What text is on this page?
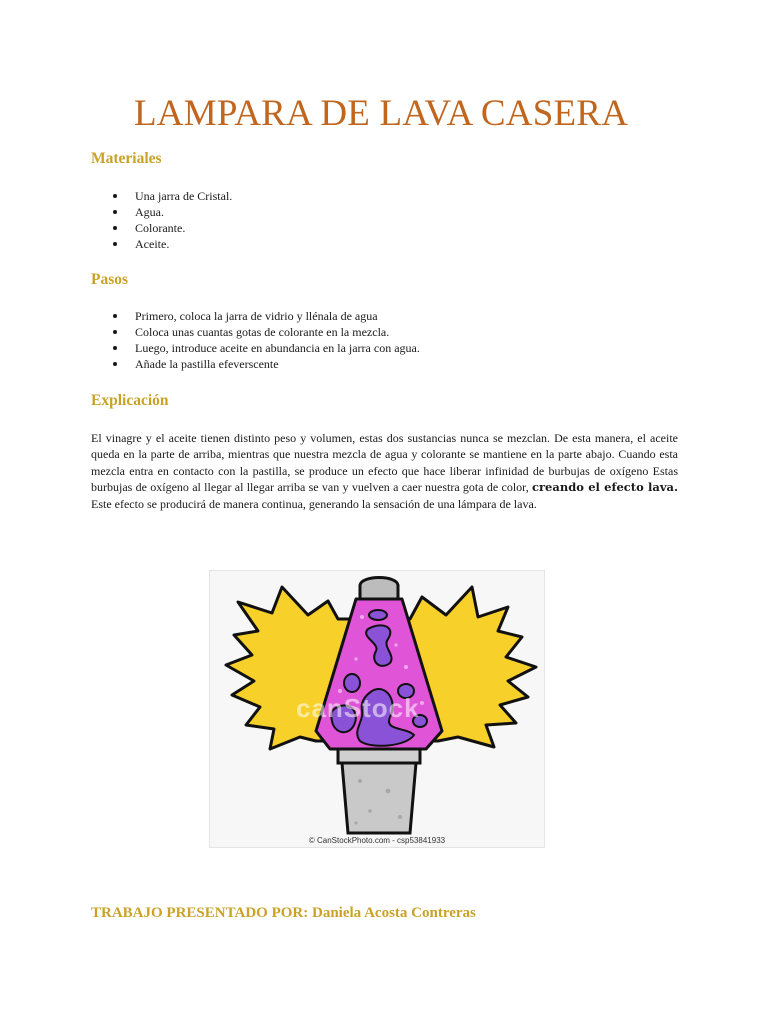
LAMPARA DE LAVA CASERA
Materiales
Una jarra de Cristal.
Agua.
Colorante.
Aceite.
Pasos
Primero, coloca la jarra de vidrio y llénala de agua
Coloca unas cuantas gotas de colorante en la mezcla.
Luego, introduce aceite en abundancia en la jarra con agua.
Añade la pastilla efeverscente
Explicación

El vinagre y el aceite tienen distinto peso y volumen, estas dos sustancias nunca se mezclan. De esta manera, el aceite queda en la parte de arriba, mientras que nuestra mezcla de agua y colorante se mantiene en la parte abajo. Cuando esta mezcla entra en contacto con la pastilla, se produce un efecto que hace liberar infinidad de burbujas de oxígeno Estas burbujas de oxígeno al llegar al llegar arriba se van y vuelven a caer nuestra gota de color, creando el efecto lava. Este efecto se producirá de manera continua, generando la sensación de una lámpara de lava.

canStock
© CanStockPhoto.com - csp53841933

TRABAJO PRESENTADO POR: Daniela Acosta Contreras
